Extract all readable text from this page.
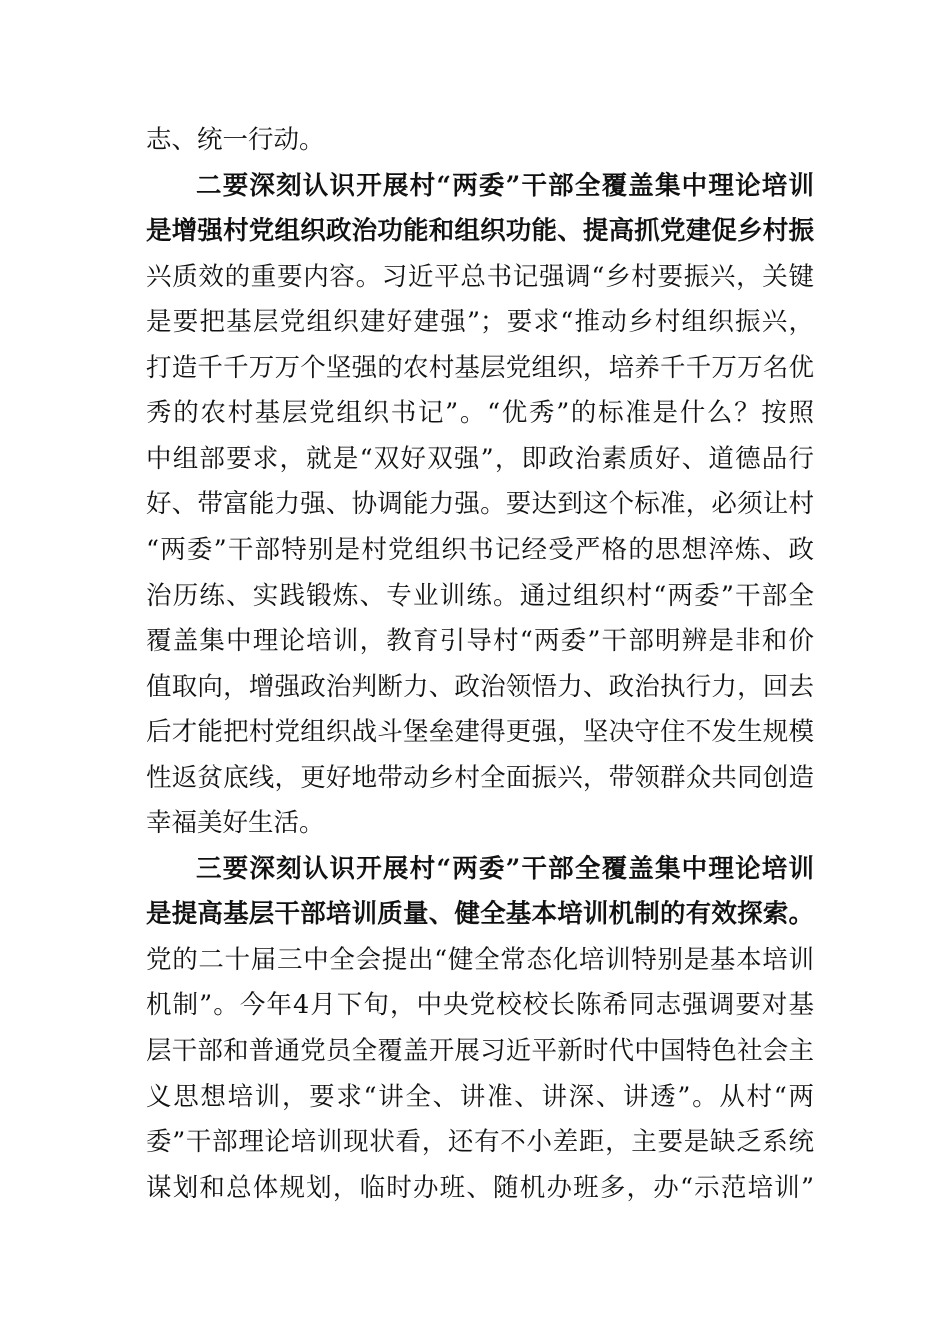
志、统一行动。
二要深刻认识开展村“两委”干部全覆盖集中理论培训
是增强村党组织政治功能和组织功能、提高抓党建促乡村振
兴质效的重要内容。习近平总书记强调“乡村要振兴，关键
是要把基层党组织建好建强”；要求“推动乡村组织振兴，
打造千千万万个坚强的农村基层党组织，培养千千万万名优
秀的农村基层党组织书记”。“优秀”的标准是什么？按照
中组部要求，就是“双好双强”，即政治素质好、道德品行
好、带富能力强、协调能力强。要达到这个标准，必须让村
“两委”干部特别是村党组织书记经受严格的思想淬炼、政
治历练、实践锻炼、专业训练。通过组织村“两委”干部全
覆盖集中理论培训，教育引导村“两委”干部明辨是非和价
值取向，增强政治判断力、政治领悟力、政治执行力，回去
后才能把村党组织战斗堡垒建得更强，坚决守住不发生规模
性返贫底线，更好地带动乡村全面振兴，带领群众共同创造
幸福美好生活。
三要深刻认识开展村“两委”干部全覆盖集中理论培训
是提高基层干部培训质量、健全基本培训机制的有效探索。
党的二十届三中全会提出“健全常态化培训特别是基本培训
机制”。今年4月下旬，中央党校校长陈希同志强调要对基
层干部和普通党员全覆盖开展习近平新时代中国特色社会主
义思想培训，要求“讲全、讲准、讲深、讲透”。从村“两
委”干部理论培训现状看，还有不小差距，主要是缺乏系统
谋划和总体规划，临时办班、随机办班多，办“示范培训”
